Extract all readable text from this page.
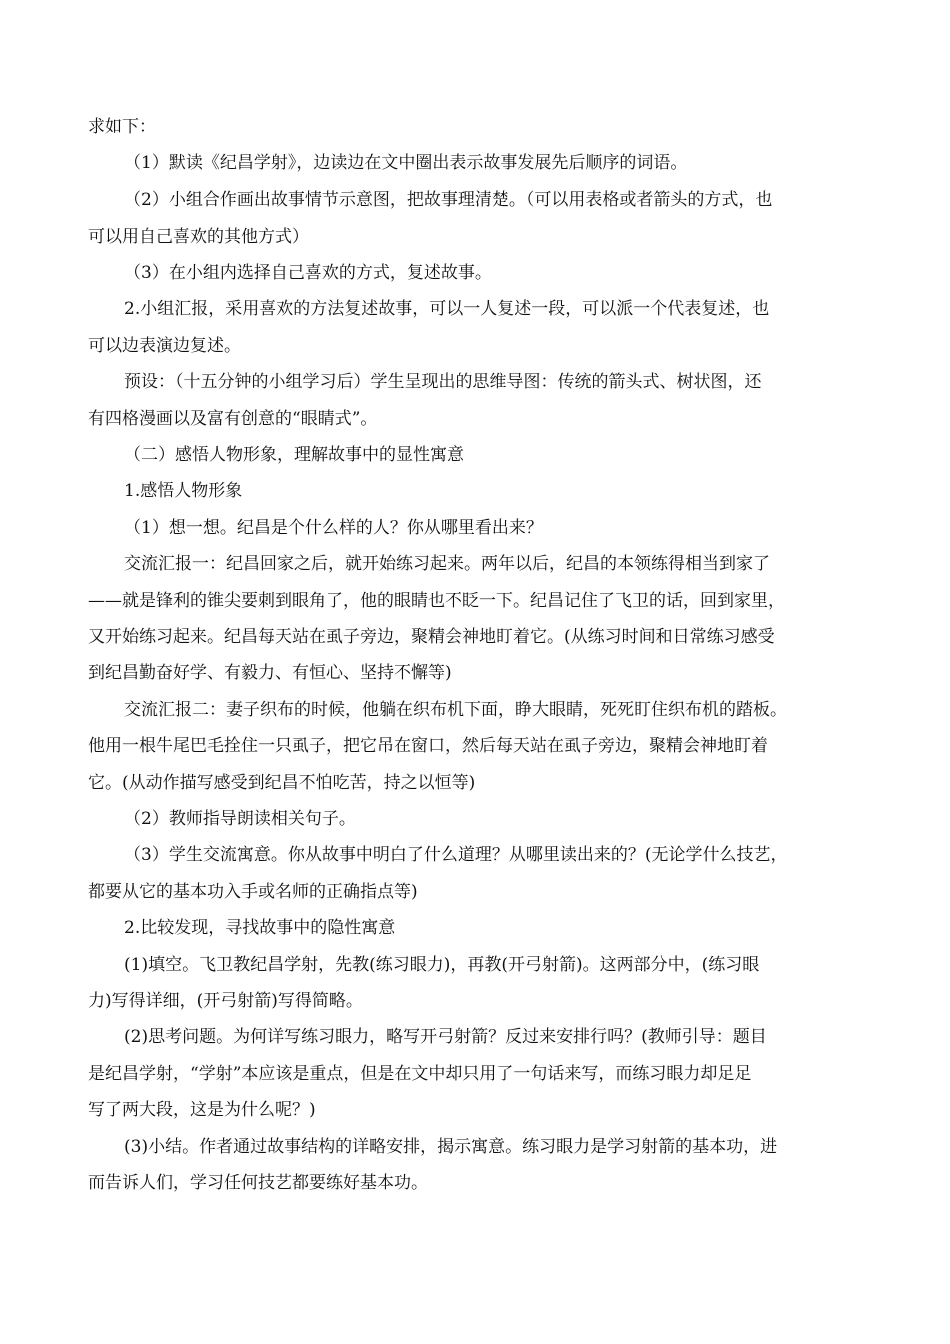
求如下：

（1）默读《纪昌学射》，边读边在文中圈出表示故事发展先后顺序的词语。

（2）小组合作画出故事情节示意图，把故事理清楚。（可以用表格或者箭头的方式，也

可以用自己喜欢的其他方式）

（3）在小组内选择自己喜欢的方式，复述故事。

2.小组汇报，采用喜欢的方法复述故事，可以一人复述一段，可以派一个代表复述，也

可以边表演边复述。

预设：（十五分钟的小组学习后）学生呈现出的思维导图：传统的箭头式、树状图，还

有四格漫画以及富有创意的“眼睛式”。

（二）感悟人物形象，理解故事中的显性寓意

1.感悟人物形象

（1）想一想。纪昌是个什么样的人？你从哪里看出来？

交流汇报一：纪昌回家之后，就开始练习起来。两年以后，纪昌的本领练得相当到家了

——就是锋利的锥尖要刺到眼角了，他的眼睛也不眨一下。纪昌记住了飞卫的话，回到家里，

又开始练习起来。纪昌每天站在虱子旁边，聚精会神地盯着它。(从练习时间和日常练习感受

到纪昌勤奋好学、有毅力、有恒心、坚持不懈等)

交流汇报二：妻子织布的时候，他躺在织布机下面，睁大眼睛，死死盯住织布机的踏板。

他用一根牛尾巴毛拴住一只虱子，把它吊在窗口，然后每天站在虱子旁边，聚精会神地盯着

它。(从动作描写感受到纪昌不怕吃苦，持之以恒等)

（2）教师指导朗读相关句子。

（3）学生交流寓意。你从故事中明白了什么道理？从哪里读出来的？(无论学什么技艺，

都要从它的基本功入手或名师的正确指点等)

2.比较发现，寻找故事中的隐性寓意

(1)填空。飞卫教纪昌学射，先教(练习眼力)，再教(开弓射箭)。这两部分中，(练习眼

力)写得详细，(开弓射箭)写得简略。

(2)思考问题。为何详写练习眼力，略写开弓射箭？反过来安排行吗？(教师引导：题目

是纪昌学射，“学射”本应该是重点，但是在文中却只用了一句话来写，而练习眼力却足足

写了两大段，这是为什么呢？)

(3)小结。作者通过故事结构的详略安排，揭示寓意。练习眼力是学习射箭的基本功，进

而告诉人们，学习任何技艺都要练好基本功。
